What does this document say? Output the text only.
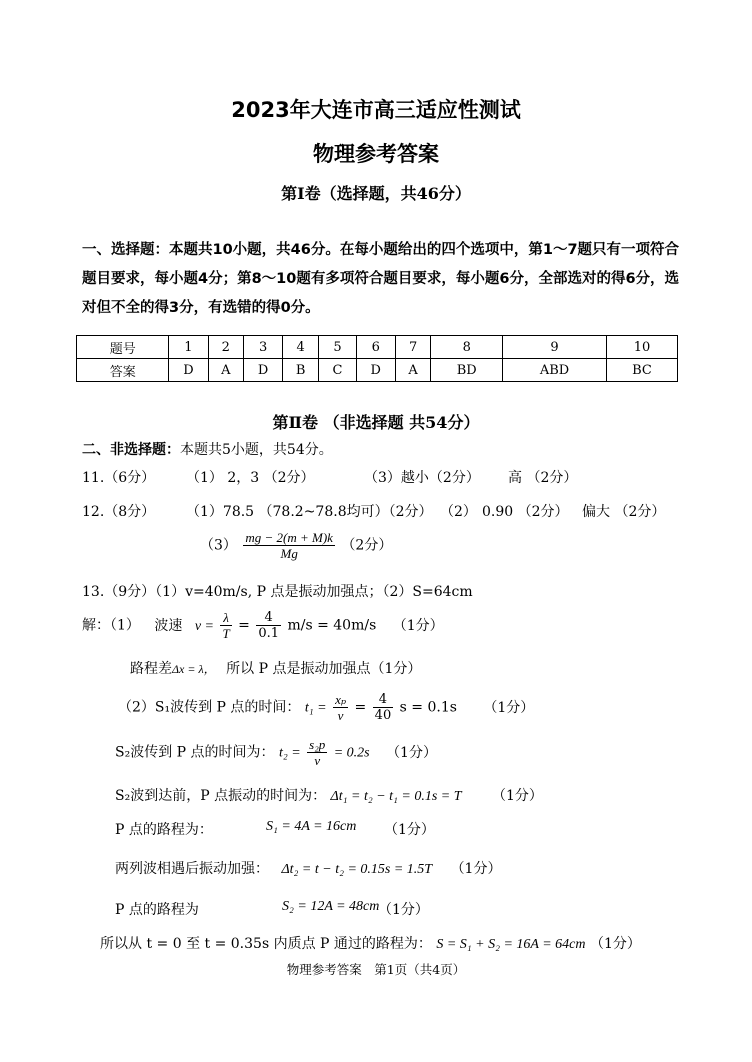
2023年大连市高三适应性测试
物理参考答案
第Ⅰ卷（选择题，共46分）
一、选择题：本题共10小题，共46分。在每小题给出的四个选项中，第1～7题只有一项符合题目要求，每小题4分；第8～10题有多项符合题目要求，每小题6分，全部选对的得6分，选对但不全的得3分，有选错的得0分。
题号	1	2	3	4	5	6	7	8	9	10
答案	D	A	D	B	C	D	A	BD	ABD	BC
第Ⅱ卷 （非选择题 共54分）
二、非选择题：本题共5小题，共54分。
11.（6分） （1） 2，3 （2分）	（3）越小（2分） 高 （2分）
12.（8分） （1）78.5 （78.2~78.8均可）（2分） （2） 0.90 （2分） 偏大 （2分）
$(3) \frac{mg - 2(m + M)k}{Mg} (2$分）
13.（9分）（1）v=40m/s, P 点是振动加强点；（2）S=64cm
解：（1） 波速 $v = \frac{\lambda}{T} = \frac{4}{0.1} m/s = 40m/s$ （1分）
路程差Δx = λ， 所以 P 点是振动加强点（1分）
（2）S₁波传到 P 点的时间： $t_1 = \frac{\text{xₚ}}{v} = \frac{4}{40}$ s = 0.1s （1分）
S₂波传到 P 点的时间为： $t_2 = \frac{\text{s₂p}}{v} = 0.2s$ （1分）
S₂波到达前，P 点振动的时间为： Δt₁ = t₂ − t₁ = 0.1s = T （1分）
P 点的路程为：	S₁ = 4A = 16cm （1分）
两列波相遇后振动加强： Δt₂ = t − t₂ = 0.15s = 1.5T （1分）
P 点的路程为	S₂ = 12A = 48cm
（1分）
所以从 t = 0 至 t = 0.35s 内质点 P 通过的路程为： S = S₁ + S₂ = 16A = 64cm （1分）
物理参考答案　第1页（共4页）
